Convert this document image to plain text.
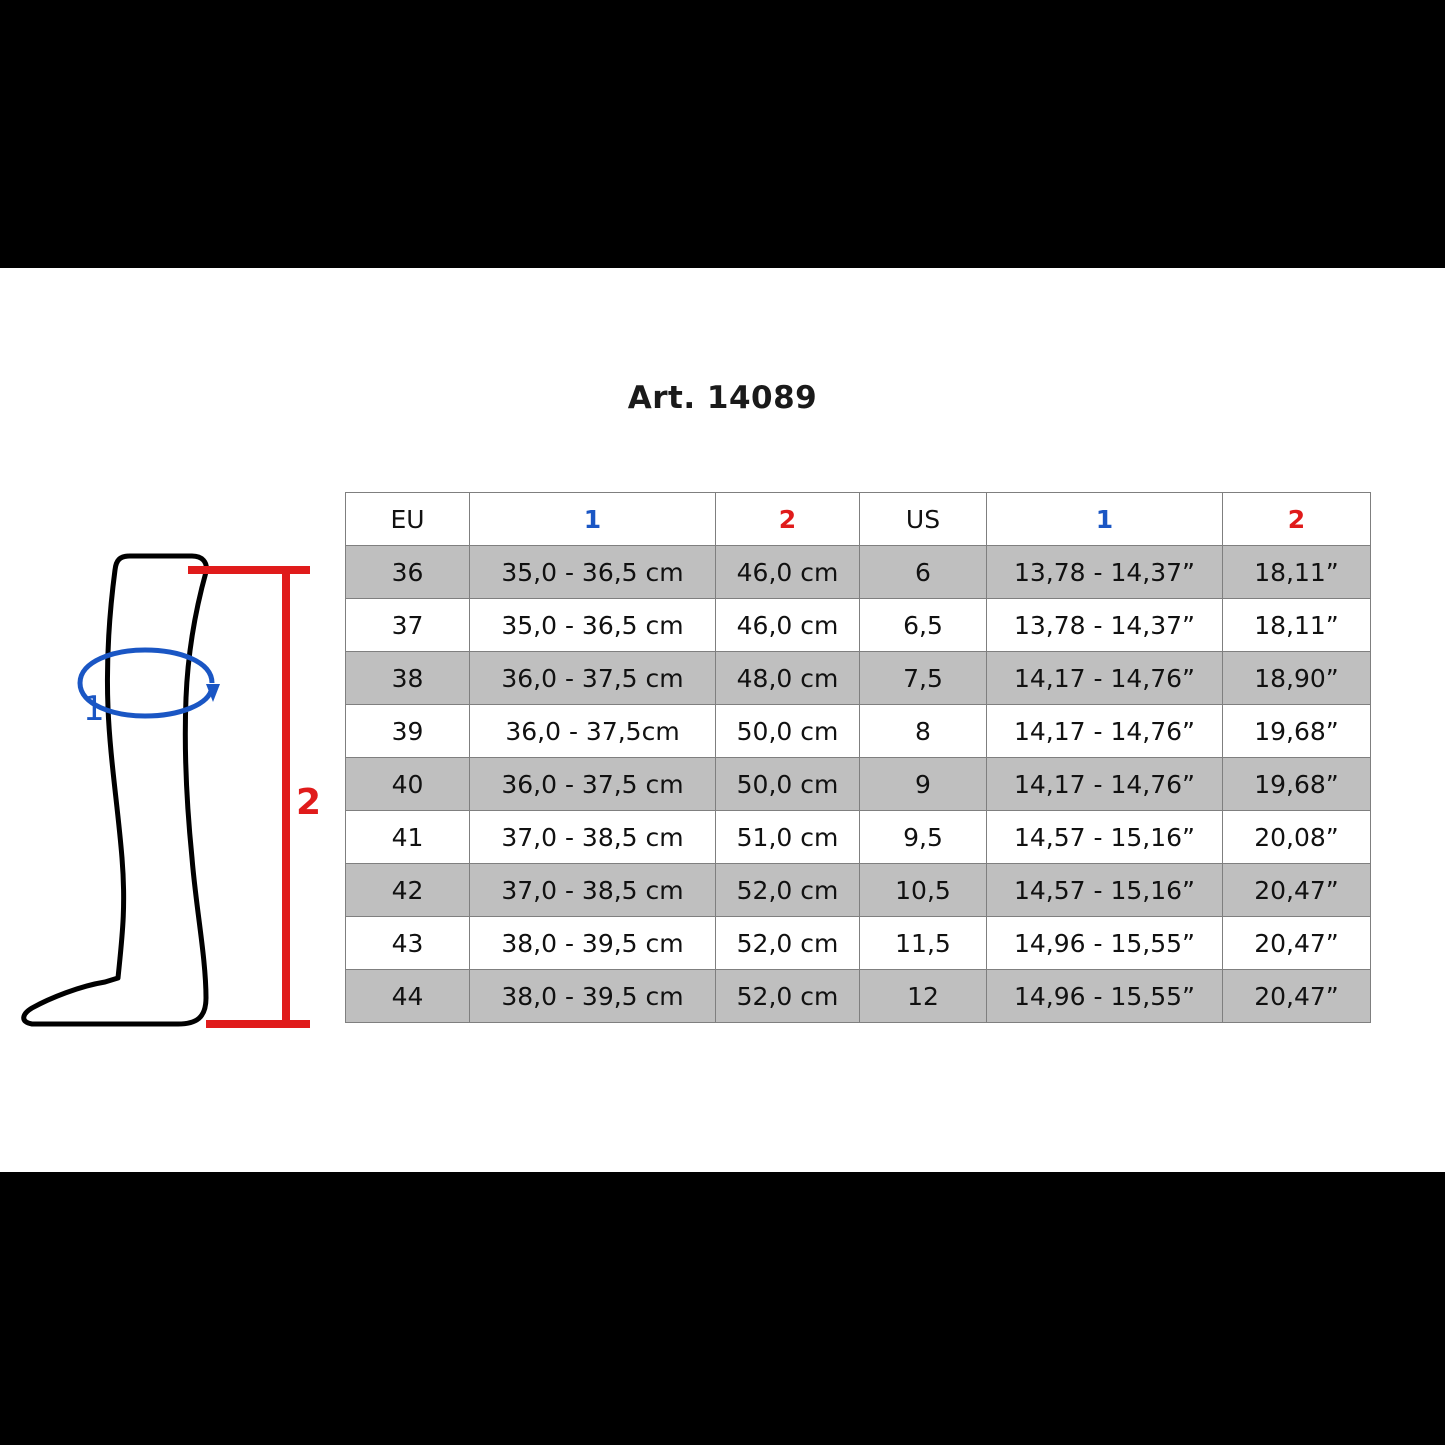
Art. 14089
1
2
EU	1	2	US	1	2
36	35,0 - 36,5 cm	46,0 cm	6	13,78 - 14,37”	18,11”
37	35,0 - 36,5 cm	46,0 cm	6,5	13,78 - 14,37”	18,11”
38	36,0 - 37,5 cm	48,0 cm	7,5	14,17 - 14,76”	18,90”
39	36,0 - 37,5cm	50,0 cm	8	14,17 - 14,76”	19,68”
40	36,0 - 37,5 cm	50,0 cm	9	14,17 - 14,76”	19,68”
41	37,0 - 38,5 cm	51,0 cm	9,5	14,57 - 15,16”	20,08”
42	37,0 - 38,5 cm	52,0 cm	10,5	14,57 - 15,16”	20,47”
43	38,0 - 39,5 cm	52,0 cm	11,5	14,96 - 15,55”	20,47”
44	38,0 - 39,5 cm	52,0 cm	12	14,96 - 15,55”	20,47”
